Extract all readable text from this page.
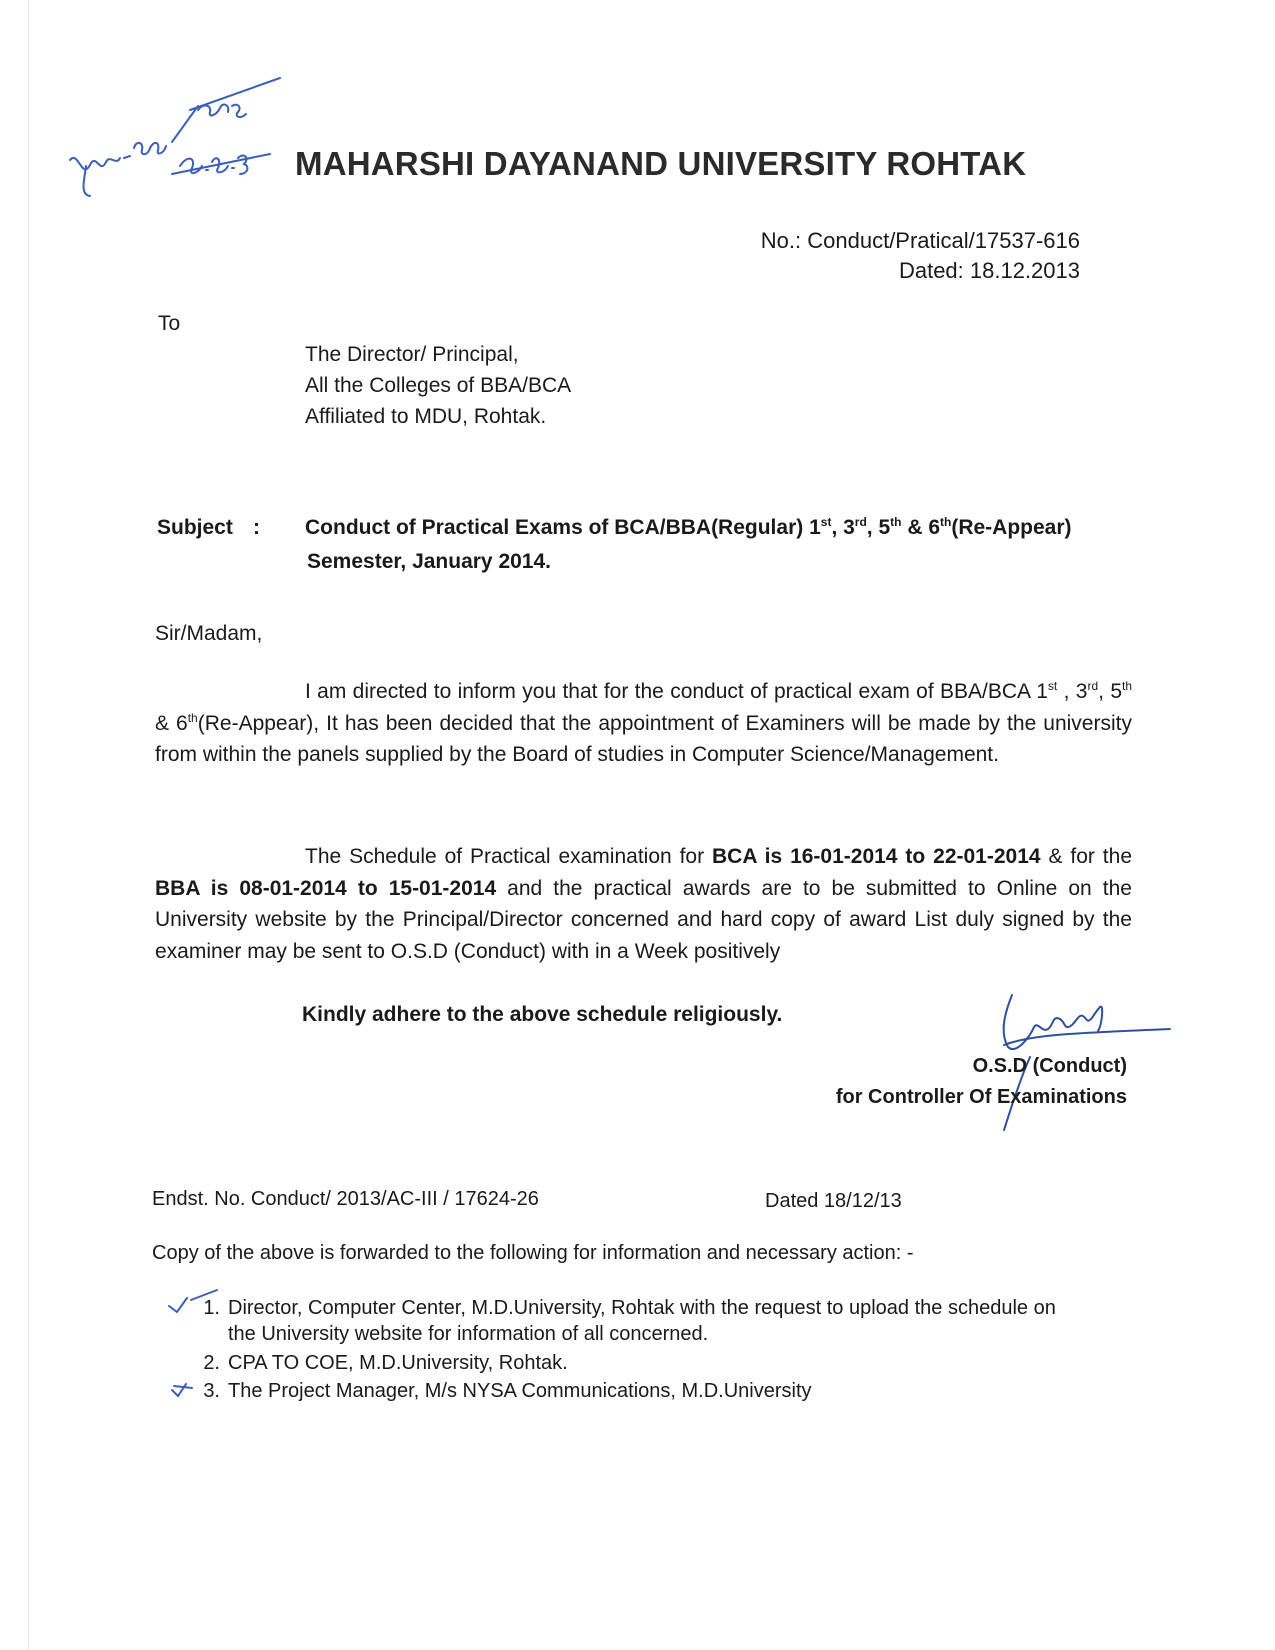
MAHARSHI DAYANAND UNIVERSITY ROHTAK
No.: Conduct/Pratical/17537-616
Dated: 18.12.2013
To
The Director/ Principal,
All the Colleges of BBA/BCA
Affiliated to MDU, Rohtak.
Subject : Conduct of Practical Exams of BCA/BBA(Regular) 1st, 3rd, 5th & 6th(Re-Appear)
Semester, January 2014.
Sir/Madam,
I am directed to inform you that for the conduct of practical exam of BBA/BCA 1st , 3rd, 5th & 6th(Re-Appear), It has been decided that the appointment of Examiners will be made by the university from within the panels supplied by the Board of studies in Computer Science/Management.
The Schedule of Practical examination for BCA is 16-01-2014 to 22-01-2014 & for the BBA is 08-01-2014 to 15-01-2014 and the practical awards are to be submitted to Online on the University website by the Principal/Director concerned and hard copy of award List duly signed by the examiner may be sent to O.S.D (Conduct) with in a Week positively
Kindly adhere to the above schedule religiously.
O.S.D (Conduct)
for Controller Of Examinations
Endst. No. Conduct/ 2013/AC-III / 17624-26	Dated 18/12/13
Copy of the above is forwarded to the following for information and necessary action: -
1. Director, Computer Center, M.D.University, Rohtak with the request to upload the schedule on
the University website for information of all concerned.
2. CPA TO COE, M.D.University, Rohtak.
3. The Project Manager, M/s NYSA Communications, M.D.University
